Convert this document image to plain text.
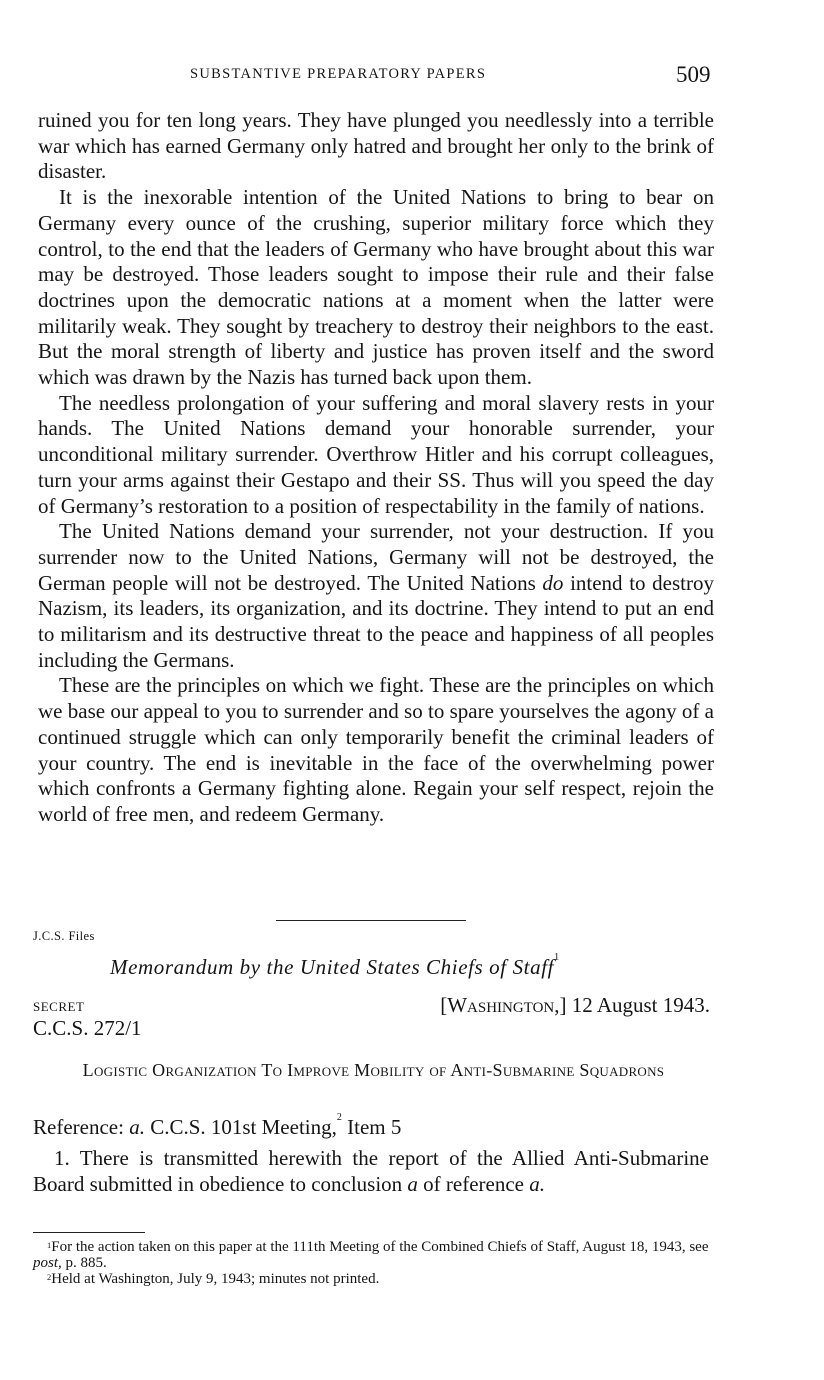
SUBSTANTIVE PREPARATORY PAPERS	509

ruined you for ten long years. They have plunged you needlessly into a terrible war which has earned Germany only hatred and brought her only to the brink of disaster.

It is the inexorable intention of the United Nations to bring to bear on Germany every ounce of the crushing, superior military force which they control, to the end that the leaders of Germany who have brought about this war may be destroyed. Those leaders sought to impose their rule and their false doctrines upon the democratic nations at a moment when the latter were militarily weak. They sought by treachery to destroy their neighbors to the east. But the moral strength of liberty and justice has proven itself and the sword which was drawn by the Nazis has turned back upon them.

The needless prolongation of your suffering and moral slavery rests in your hands. The United Nations demand your honorable surrender, your unconditional military surrender. Overthrow Hitler and his corrupt colleagues, turn your arms against their Gestapo and their SS. Thus will you speed the day of Germany’s restoration to a position of respectability in the family of nations.

The United Nations demand your surrender, not your destruction. If you surrender now to the United Nations, Germany will not be destroyed, the German people will not be destroyed. The United Nations do intend to destroy Nazism, its leaders, its organization, and its doctrine. They intend to put an end to militarism and its destructive threat to the peace and happiness of all peoples including the Germans.

These are the principles on which we fight. These are the principles on which we base our appeal to you to surrender and so to spare yourselves the agony of a continued struggle which can only temporarily benefit the criminal leaders of your country. The end is inevitable in the face of the overwhelming power which confronts a Germany fighting alone. Regain your self respect, rejoin the world of free men, and redeem Germany.

J.C.S. Files
Memorandum by the United States Chiefs of Staff$^1$
SECRET	[Washington,] 12 August 1943.
C.C.S. 272/1
Logistic Organization To Improve Mobility of Anti-Submarine Squadrons
Reference: a. C.C.S. 101st Meeting,$^2$ Item 5

1. There is transmitted herewith the report of the Allied Anti-Submarine Board submitted in obedience to conclusion a of reference a.

$^1$For the action taken on this paper at the 111th Meeting of the Combined Chiefs of Staff, August 18, 1943, see post, p. 885.

$^2$Held at Washington, July 9, 1943; minutes not printed.
